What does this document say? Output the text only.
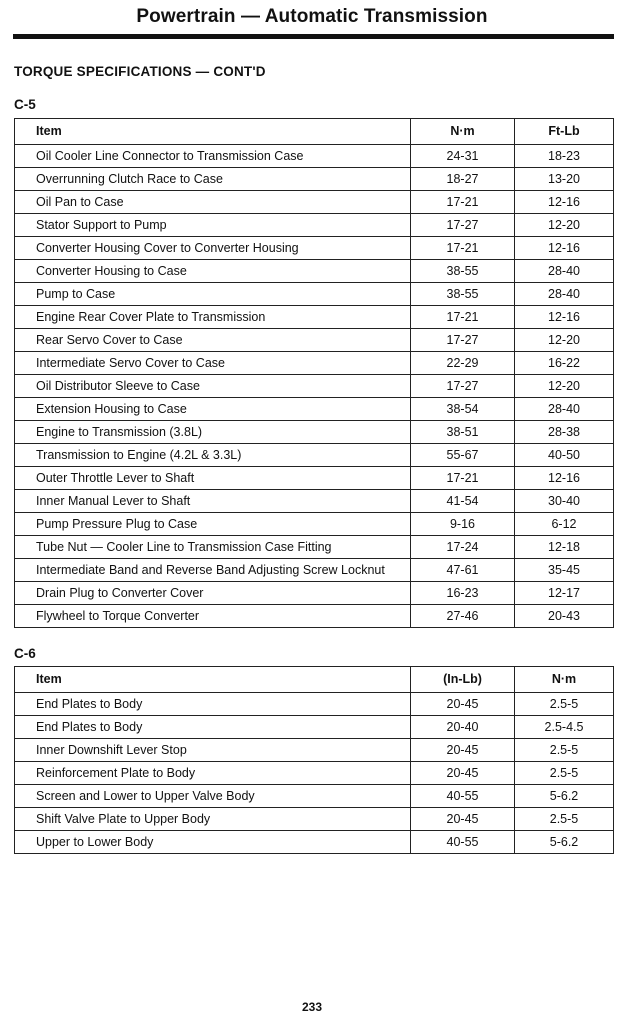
Powertrain — Automatic Transmission
TORQUE SPECIFICATIONS — CONT'D
C-5
Item	N·m	Ft-Lb
Oil Cooler Line Connector to Transmission Case	24-31	18-23
Overrunning Clutch Race to Case	18-27	13-20
Oil Pan to Case	17-21	12-16
Stator Support to Pump	17-27	12-20
Converter Housing Cover to Converter Housing	17-21	12-16
Converter Housing to Case	38-55	28-40
Pump to Case	38-55	28-40
Engine Rear Cover Plate to Transmission	17-21	12-16
Rear Servo Cover to Case	17-27	12-20
Intermediate Servo Cover to Case	22-29	16-22
Oil Distributor Sleeve to Case	17-27	12-20
Extension Housing to Case	38-54	28-40
Engine to Transmission (3.8L)	38-51	28-38
Transmission to Engine (4.2L & 3.3L)	55-67	40-50
Outer Throttle Lever to Shaft	17-21	12-16
Inner Manual Lever to Shaft	41-54	30-40
Pump Pressure Plug to Case	9-16	6-12
Tube Nut — Cooler Line to Transmission Case Fitting	17-24	12-18
Intermediate Band and Reverse Band Adjusting Screw Locknut	47-61	35-45
Drain Plug to Converter Cover	16-23	12-17
Flywheel to Torque Converter	27-46	20-43
C-6
Item	(In-Lb)	N·m
End Plates to Body	20-45	2.5-5
End Plates to Body	20-40	2.5-4.5
Inner Downshift Lever Stop	20-45	2.5-5
Reinforcement Plate to Body	20-45	2.5-5
Screen and Lower to Upper Valve Body	40-55	5-6.2
Shift Valve Plate to Upper Body	20-45	2.5-5
Upper to Lower Body	40-55	5-6.2
233
